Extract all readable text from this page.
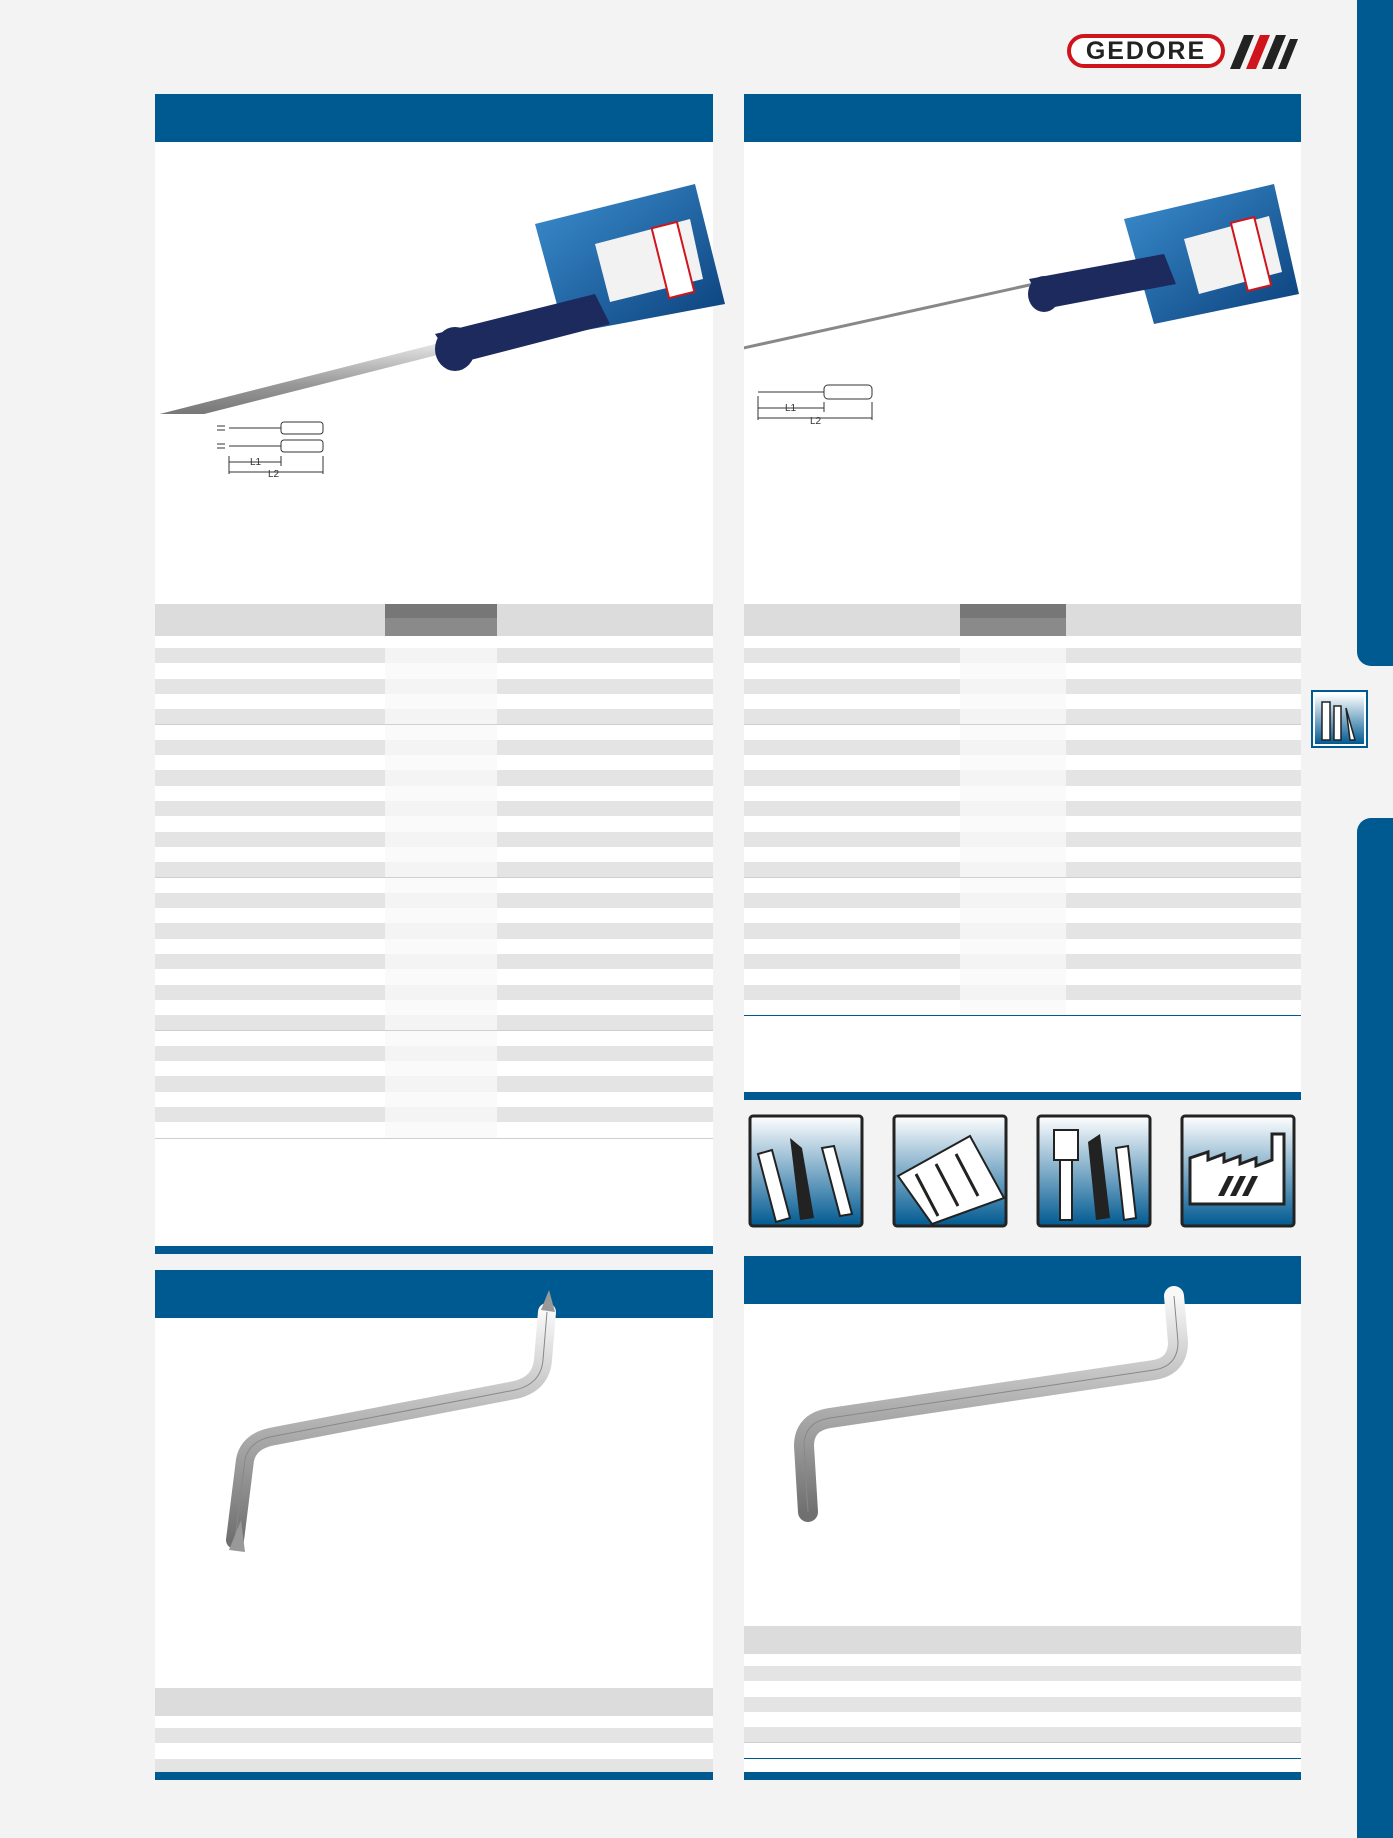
GEDORE
L1
L2
L1
L2
